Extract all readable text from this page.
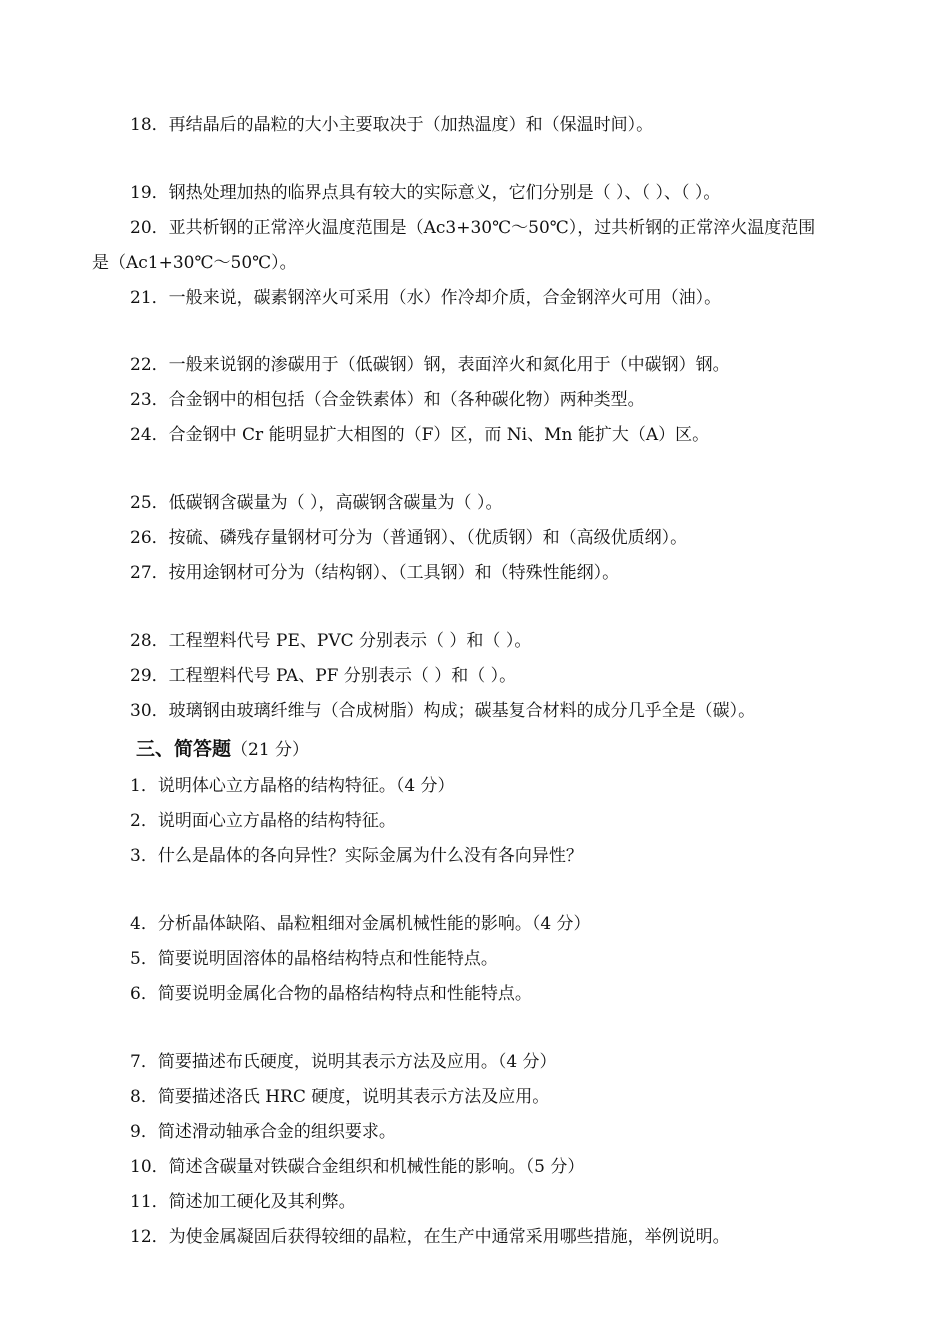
18．再结晶后的晶粒的大小主要取决于（加热温度）和（保温时间）。
19．钢热处理加热的临界点具有较大的实际意义，它们分别是（ ）、（ ）、（ ）。
20．亚共析钢的正常淬火温度范围是（Ac3+30℃～50℃），过共析钢的正常淬火温度范围
是（Ac1+30℃～50℃）。
21．一般来说，碳素钢淬火可采用（水）作冷却介质，合金钢淬火可用（油）。
22．一般来说钢的渗碳用于（低碳钢）钢，表面淬火和氮化用于（中碳钢）钢。
23．合金钢中的相包括（合金铁素体）和（各种碳化物）两种类型。
24．合金钢中 Cr 能明显扩大相图的（F）区，而 Ni、Mn 能扩大（A）区。
25．低碳钢含碳量为（ ），高碳钢含碳量为（ ）。
26．按硫、磷残存量钢材可分为（普通钢）、（优质钢）和（高级优质纲）。
27．按用途钢材可分为（结构钢）、（工具钢）和（特殊性能纲）。
28．工程塑料代号 PE、PVC 分别表示（ ）和（ ）。
29．工程塑料代号 PA、PF 分别表示（ ）和（ ）。
30．玻璃钢由玻璃纤维与（合成树脂）构成；碳基复合材料的成分几乎全是（碳）。
三、简答题（21 分）
1．说明体心立方晶格的结构特征。（4 分）
2．说明面心立方晶格的结构特征。
3．什么是晶体的各向异性？实际金属为什么没有各向异性？
4．分析晶体缺陷、晶粒粗细对金属机械性能的影响。（4 分）
5．简要说明固溶体的晶格结构特点和性能特点。
6．简要说明金属化合物的晶格结构特点和性能特点。
7．简要描述布氏硬度，说明其表示方法及应用。（4 分）
8．简要描述洛氏 HRC 硬度，说明其表示方法及应用。
9．简述滑动轴承合金的组织要求。
10．简述含碳量对铁碳合金组织和机械性能的影响。（5 分）
11．简述加工硬化及其利弊。
12．为使金属凝固后获得较细的晶粒，在生产中通常采用哪些措施，举例说明。
